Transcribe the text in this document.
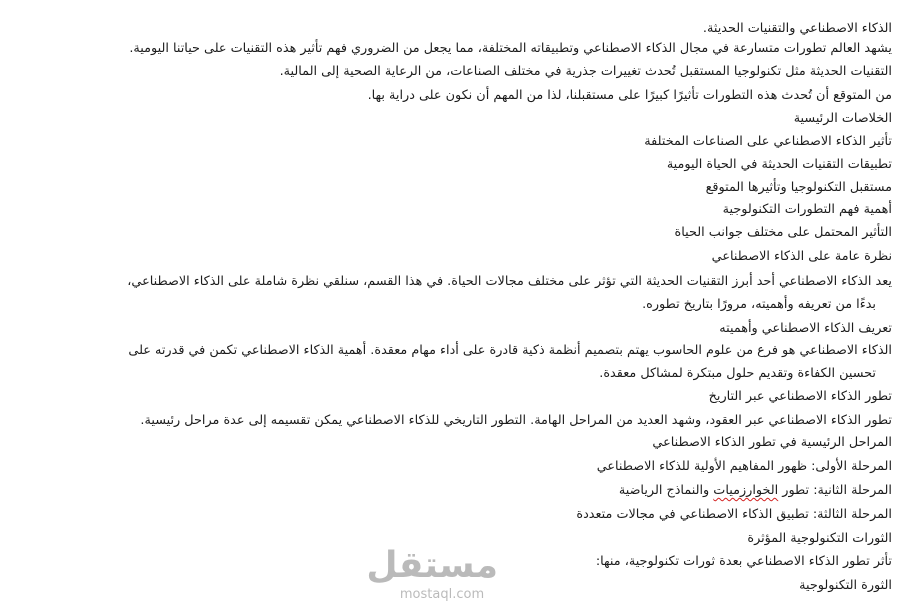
الذكاء الاصطناعي والتقنيات الحديثة.
يشهد العالم تطورات متسارعة في مجال الذكاء الاصطناعي وتطبيقاته المختلفة، مما يجعل من الضروري فهم تأثير هذه التقنيات على حياتنا اليومية.
التقنيات الحديثة مثل تكنولوجيا المستقبل تُحدث تغييرات جذرية في مختلف الصناعات، من الرعاية الصحية إلى المالية.
من المتوقع أن تُحدث هذه التطورات تأثيرًا كبيرًا على مستقبلنا، لذا من المهم أن نكون على دراية بها.
الخلاصات الرئيسية
تأثير الذكاء الاصطناعي على الصناعات المختلفة
تطبيقات التقنيات الحديثة في الحياة اليومية
مستقبل التكنولوجيا وتأثيرها المتوقع
أهمية فهم التطورات التكنولوجية
التأثير المحتمل على مختلف جوانب الحياة
نظرة عامة على الذكاء الاصطناعي
يعد الذكاء الاصطناعي أحد أبرز التقنيات الحديثة التي تؤثر على مختلف مجالات الحياة. في هذا القسم، سنلقي نظرة شاملة على الذكاء الاصطناعي،
بدءًا من تعريفه وأهميته، مرورًا بتاريخ تطوره.
تعريف الذكاء الاصطناعي وأهميته
الذكاء الاصطناعي هو فرع من علوم الحاسوب يهتم بتصميم أنظمة ذكية قادرة على أداء مهام معقدة. أهمية الذكاء الاصطناعي تكمن في قدرته على
تحسين الكفاءة وتقديم حلول مبتكرة لمشاكل معقدة.
تطور الذكاء الاصطناعي عبر التاريخ
تطور الذكاء الاصطناعي عبر العقود، وشهد العديد من المراحل الهامة. التطور التاريخي للذكاء الاصطناعي يمكن تقسيمه إلى عدة مراحل رئيسية.
المراحل الرئيسية في تطور الذكاء الاصطناعي
المرحلة الأولى: ظهور المفاهيم الأولية للذكاء الاصطناعي
المرحلة الثانية: تطور الخوارزميات والنماذج الرياضية
المرحلة الثالثة: تطبيق الذكاء الاصطناعي في مجالات متعددة
الثورات التكنولوجية المؤثرة
تأثر تطور الذكاء الاصطناعي بعدة ثورات تكنولوجية، منها:
الثورة التكنولوجية
مستقل
mostaql.com
